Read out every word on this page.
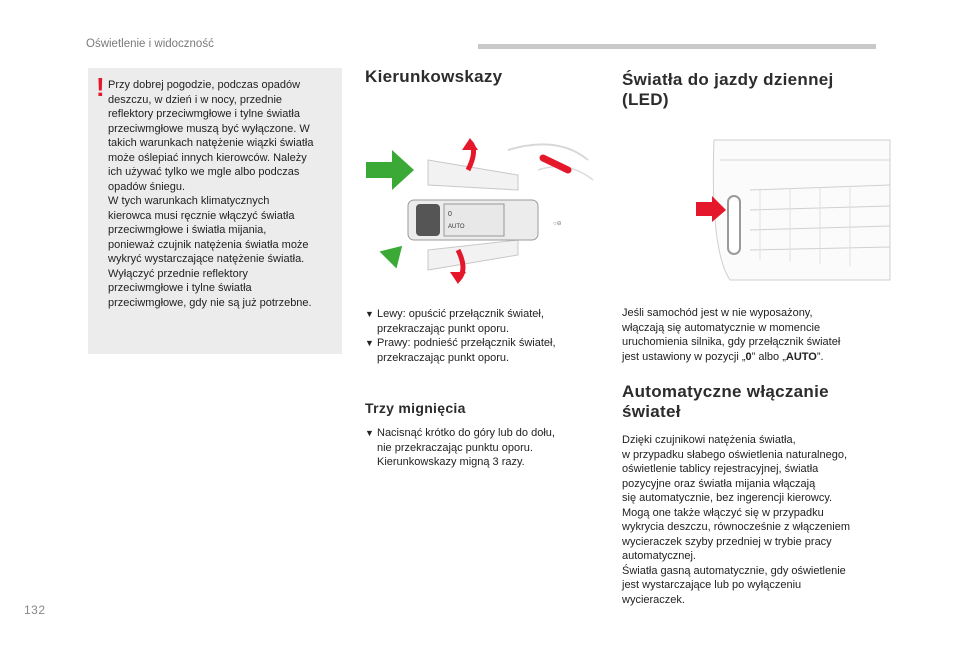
Oświetlenie i widoczność
! Przy dobrej pogodzie, podczas opadów
deszczu, w dzień i w nocy, przednie
reflektory przeciwmgłowe i tylne światła
przeciwmgłowe muszą być wyłączone. W
takich warunkach natężenie wiązki światła
może oślepiać innych kierowców. Należy
ich używać tylko we mgle albo podczas
opadów śniegu.
W tych warunkach klimatycznych
kierowca musi ręcznie włączyć światła
przeciwmgłowe i światła mijania,
ponieważ czujnik natężenia światła może
wykryć wystarczające natężenie światła.
Wyłączyć przednie reflektory
przeciwmgłowe i tylne światła
przeciwmgłowe, gdy nie są już potrzebne.

Kierunkowskazy
0
AUTO	○⊖
▼ Lewy: opuścić przełącznik świateł,
przekraczając punkt oporu.
▼ Prawy: podnieść przełącznik świateł,
przekraczając punkt oporu.
Trzy mignięcia
▼ Nacisnąć krótko do góry lub do dołu,
nie przekraczając punktu oporu.
Kierunkowskazy migną 3 razy.
Światła do jazdy dziennej
(LED)

Jeśli samochód jest w nie wyposażony,
włączają się automatycznie w momencie
uruchomienia silnika, gdy przełącznik świateł
jest ustawiony w pozycji „0” albo „AUTO”.

Automatyczne włączanie
świateł

Dzięki czujnikowi natężenia światła,
w przypadku słabego oświetlenia naturalnego,
oświetlenie tablicy rejestracyjnej, światła
pozycyjne oraz światła mijania włączają
się automatycznie, bez ingerencji kierowcy.
Mogą one także włączyć się w przypadku
wykrycia deszczu, równocześnie z włączeniem
wycieraczek szyby przedniej w trybie pracy
automatycznej.
Światła gasną automatycznie, gdy oświetlenie
jest wystarczające lub po wyłączeniu
wycieraczek.

132
